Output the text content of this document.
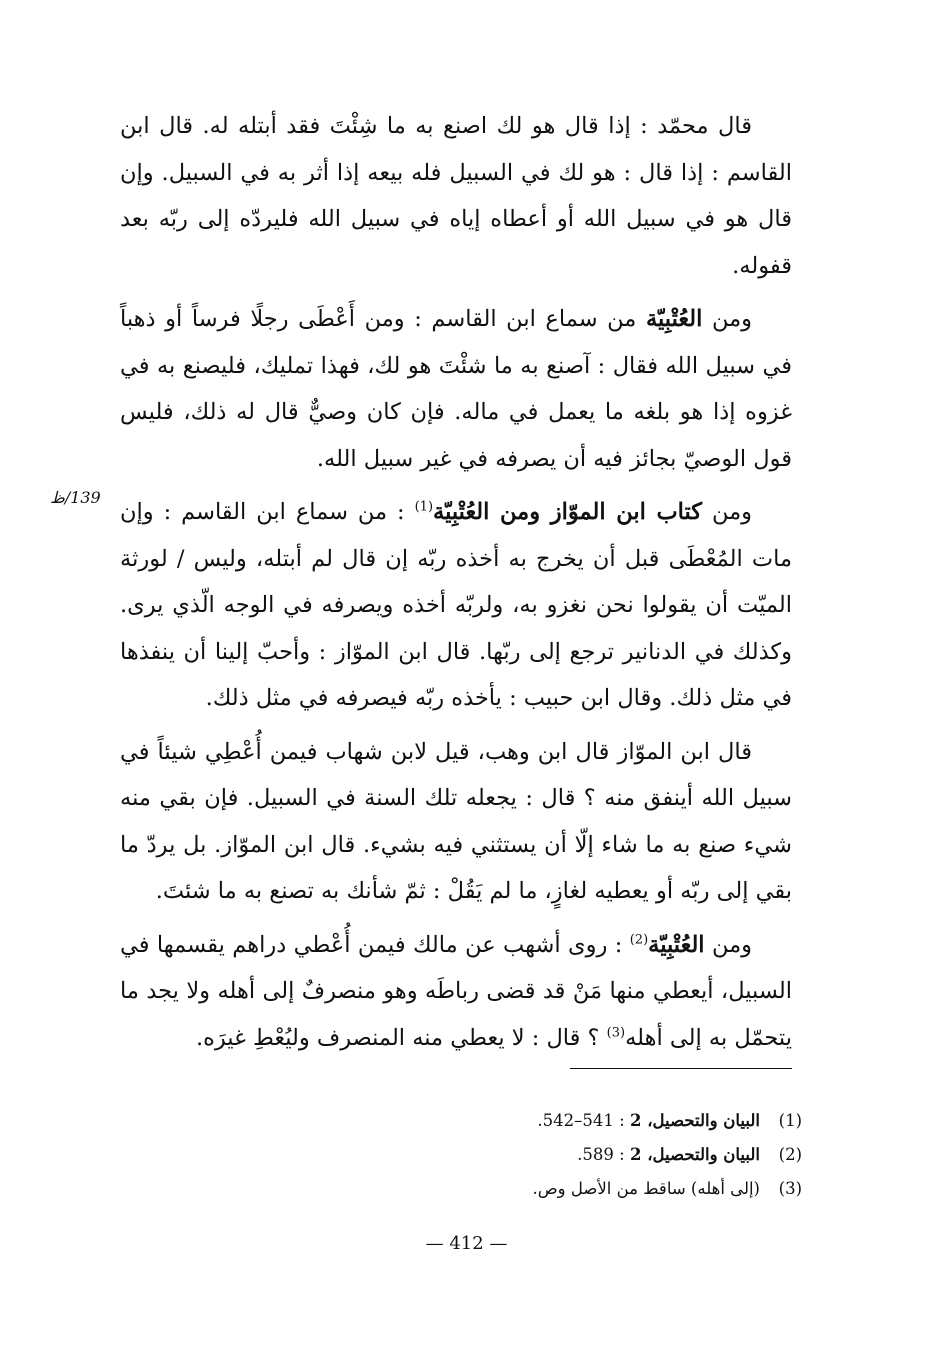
قال محمّد : إذا قال هو لك اصنع به ما شِئْتَ فقد أبتله له. قال ابن القاسم : إذا قال : هو لك في السبيل فله بيعه إذا أثر به في السبيل. وإن قال هو في سبيل الله أو أعطاه إياه في سبيل الله فليردّه إلى ربّه بعد قفوله.

ومن العُتْبِيّة من سماع ابن القاسم : ومن أَعْطَى رجلًا فرساً أو ذهباً في سبيل الله فقال : آصنع به ما شئْتَ هو لك، فهذا تمليك، فليصنع به في غزوه إذا هو بلغه ما يعمل في ماله. فإن كان وصيٌّ قال له ذلك، فليس قول الوصيّ بجائز فيه أن يصرفه في غير سبيل الله.

ومن كتاب ابن الموّاز ومن العُتْبِيّة$^{(1)}$ : من سماع ابن القاسم : وإن مات المُعْطَى قبل أن يخرج به أخذه ربّه إن قال لم أبتله، وليس / لورثة الميّت أن يقولوا نحن نغزو به، ولربّه أخذه ويصرفه في الوجه الّذي يرى. وكذلك في الدنانير ترجع إلى ربّها. قال ابن الموّاز : وأحبّ إلينا أن ينفذها في مثل ذلك. وقال ابن حبيب : يأخذه ربّه فيصرفه في مثل ذلك.

قال ابن الموّاز قال ابن وهب، قيل لابن شهاب فيمن أُعْطِي شيئاً في سبيل الله أينفق منه ؟ قال : يجعله تلك السنة في السبيل. فإن بقي منه شيء صنع به ما شاء إلّا أن يستثني فيه بشيء. قال ابن الموّاز. بل يردّ ما بقي إلى ربّه أو يعطيه لغازٍ، ما لم يَقُلْ : ثمّ شأنك به تصنع به ما شئتَ.

ومن العُتْبِيّة$^{(2)}$ : روى أشهب عن مالك فيمن أُعْطي دراهم يقسمها في السبيل، أيعطي منها مَنْ قد قضى رباطَه وهو منصرفٌ إلى أهله ولا يجد ما يتحمّل به إلى أهله$^{(3)}$ ؟ قال : لا يعطي منه المنصرف وليُعْطِ غيرَه.

139/ظ
(1)البيان والتحصيل، 2 : 541–542.
(2)البيان والتحصيل، 2 : 589.
(3)(إلى أهله) ساقط من الأصل وص.
— 412 —
